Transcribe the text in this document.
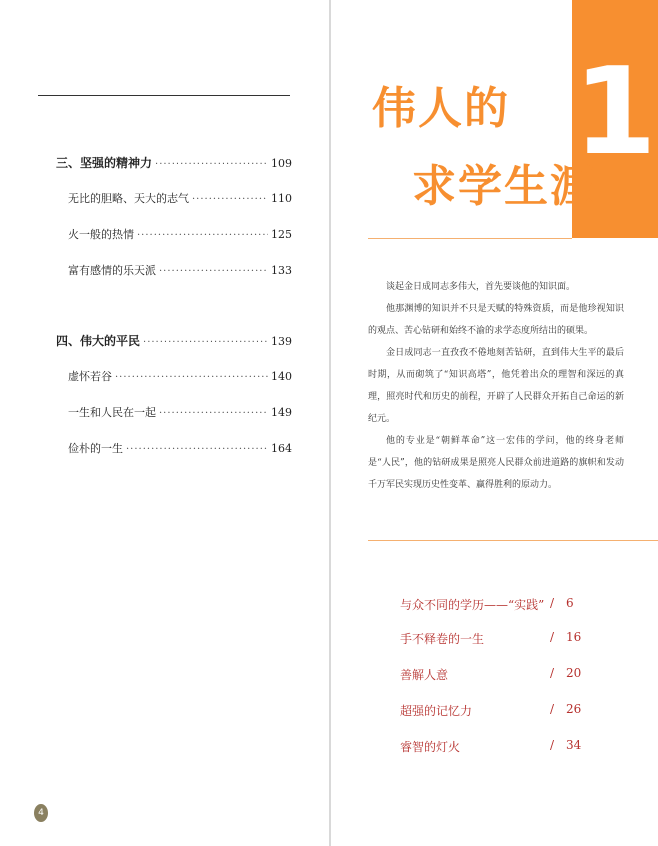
三、坚强的精神力 ·····	109
无比的胆略、天大的志气 ·····	110
火一般的热情 ·····	125
富有感情的乐天派 ·····	133
四、伟大的平民 ·····	139
虚怀若谷 ·····	140
一生和人民在一起 ·····	149
俭朴的一生 ·····	164
4
1
伟人的
求学生涯

谈起金日成同志多伟大，首先要谈他的知识面。

他那渊博的知识并不只是天赋的特殊资质，而是他珍视知识的观点、苦心钻研和始终不渝的求学态度所结出的硕果。

金日成同志一直孜孜不倦地刻苦钻研，直到伟大生平的最后时期，从而砌筑了“知识高塔”，他凭着出众的理智和深远的真理，照亮时代和历史的前程，开辟了人民群众开拓自己命运的新纪元。

他的专业是“朝鲜革命”这一宏伟的学问，他的终身老师是“人民”，他的钻研成果是照亮人民群众前进道路的旗帜和发动千万军民实现历史性变革、赢得胜利的原动力。

与众不同的学历——“实践” / 6
手不释卷的一生	/ 16
善解人意	/ 20
超强的记忆力	/ 26
睿智的灯火	/ 34
